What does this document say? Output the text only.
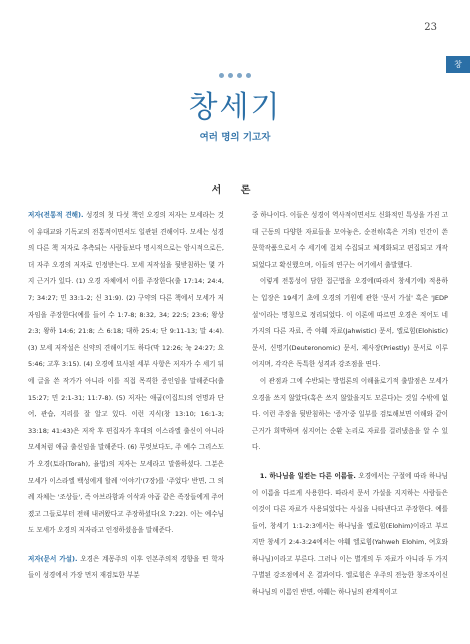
23
창
창세기
여러 명의 기고자
서 론

저자(전통적 견해). 성경의 첫 다섯 책인 오경의 저자는 모세라는 것이 유대교와 기독교의 전통적이면서도 일관된 견해이다. 모세는 성경의 다른 책 저자로 추측되는 사람들보다 명시적으로는 암시적으로든, 더 자주 오경의 저자로 인정받는다. 모세 저작설을 뒷받침하는 몇 가지 근거가 있다. (1) 오경 자체에서 이를 주장한다(출 17:14; 24:4, 7; 34:27; 민 33:1-2; 신 31:9). (2) 구약의 다른 책에서 모세가 저자임을 주장한다(예를 들어 수 1:7-8; 8:32, 34; 22:5; 23:6; 왕상 2:3; 왕하 14:6; 21:8; 스 6:18; 대하 25:4; 단 9:11-13; 말 4:4). (3) 모세 저작설은 신약의 견해이기도 하다(막 12:26; 눅 24:27; 요 5:46; 고후 3:15). (4) 오경에 묘사된 세부 사항은 저자가 수 세기 뒤에 글을 쓴 작가가 아니라 이를 직접 목격한 증인임을 말해준다(출 15:27; 민 2:1-31; 11:7-8). (5) 저자는 애굽(이집트)의 언명과 단어, 관습, 지리를 잘 알고 있다. 이런 지식(창 13:10; 16:1-3; 33:18; 41:43)은 저작 후 편집자가 후대의 이스라엘 출신이 아니라 모세처럼 애굽 출신임을 말해준다. (6) 무엇보다도, 주 예수 그리스도가 오경(토라(Torah), 율법)의 저자는 모세라고 말씀하셨다. 그분은 모세가 이스라엘 백성에게 할례 '이야기'(7장)를 '주었다' 반면, 그 의례 자체는 '조상들', 즉 아브라함과 이삭과 야곱 같은 족장들에게 주어졌고 그들로부터 전해 내려왔다고 주장하셨다(요 7:22). 이는 예수님도 모세가 오경의 저자라고 인정하셨음을 말해준다.

저자(문서 가설). 오경은 계몽주의 이후 인본주의적 경향을 띤 학자들이 성경에서 가장 먼저 재검토한 부분

중 하나이다. 이들은 성경이 역사적이면서도 신화적인 특성을 가진 고대 근동의 다양한 자료들을 모아놓은, 순전히(혹은 거의) 인간이 쓴 문학작품으로서 수 세기에 걸쳐 수집되고 체계화되고 편집되고 개작되었다고 확신했으며, 이들의 연구는 여기에서 출발했다.

이렇게 전통성이 담한 접근법을 오경에(따라서 창세기에) 적용하는 입장은 19세기 초에 오경의 기원에 관한 '문서 가설' 혹은 'JEDP설'이라는 명칭으로 정리되었다. 이 이론에 따르면 오경은 적어도 네 가지의 다른 자료, 즉 야훼 자료(Jahwistic) 문서, 엘로힘(Elohistic) 문서, 신명기(Deuteronomic) 문서, 제사장(Priestly) 문서로 이루어지며, 각각은 독특한 성격과 강조점을 띤다.

이 관점과 그에 수반되는 방법론의 이해율로기적 출발점은 모세가 오경을 쓰지 않았다(혹은 쓰지 않았을지도 모른다)는 것일 수밖에 없다. 이런 주장을 뒷받침하는 '증거'중 일부를 검토해보면 이해와 같이 근거가 희박하며 심지어는 순환 논리로 자료를 걸러냈음을 알 수 있다.

1. 하나님을 일컫는 다른 이름들. 오경에서는 구절에 따라 하나님이 이름을 다르게 사용한다. 따라서 문서 가설을 지지하는 사람들은 이것이 다른 자료가 사용되었다는 사실을 나타낸다고 주장한다. 예를 들어, 창세기 1:1-2:3에서는 하나님을 엘로힘(Elohim)이라고 부르지만 창세기 2:4-3:24에서는 야훼 엘로힘(Yahweh Elohim, 여호와 하나님)이라고 부른다. 그러나 이는 별개의 두 자료가 아니라 두 가지 구별된 강조점에서 온 결과이다. 엘로힘은 우주의 전능한 창조자이신 하나님의 이름인 반면, 야훼는 하나님의 관계적이고
